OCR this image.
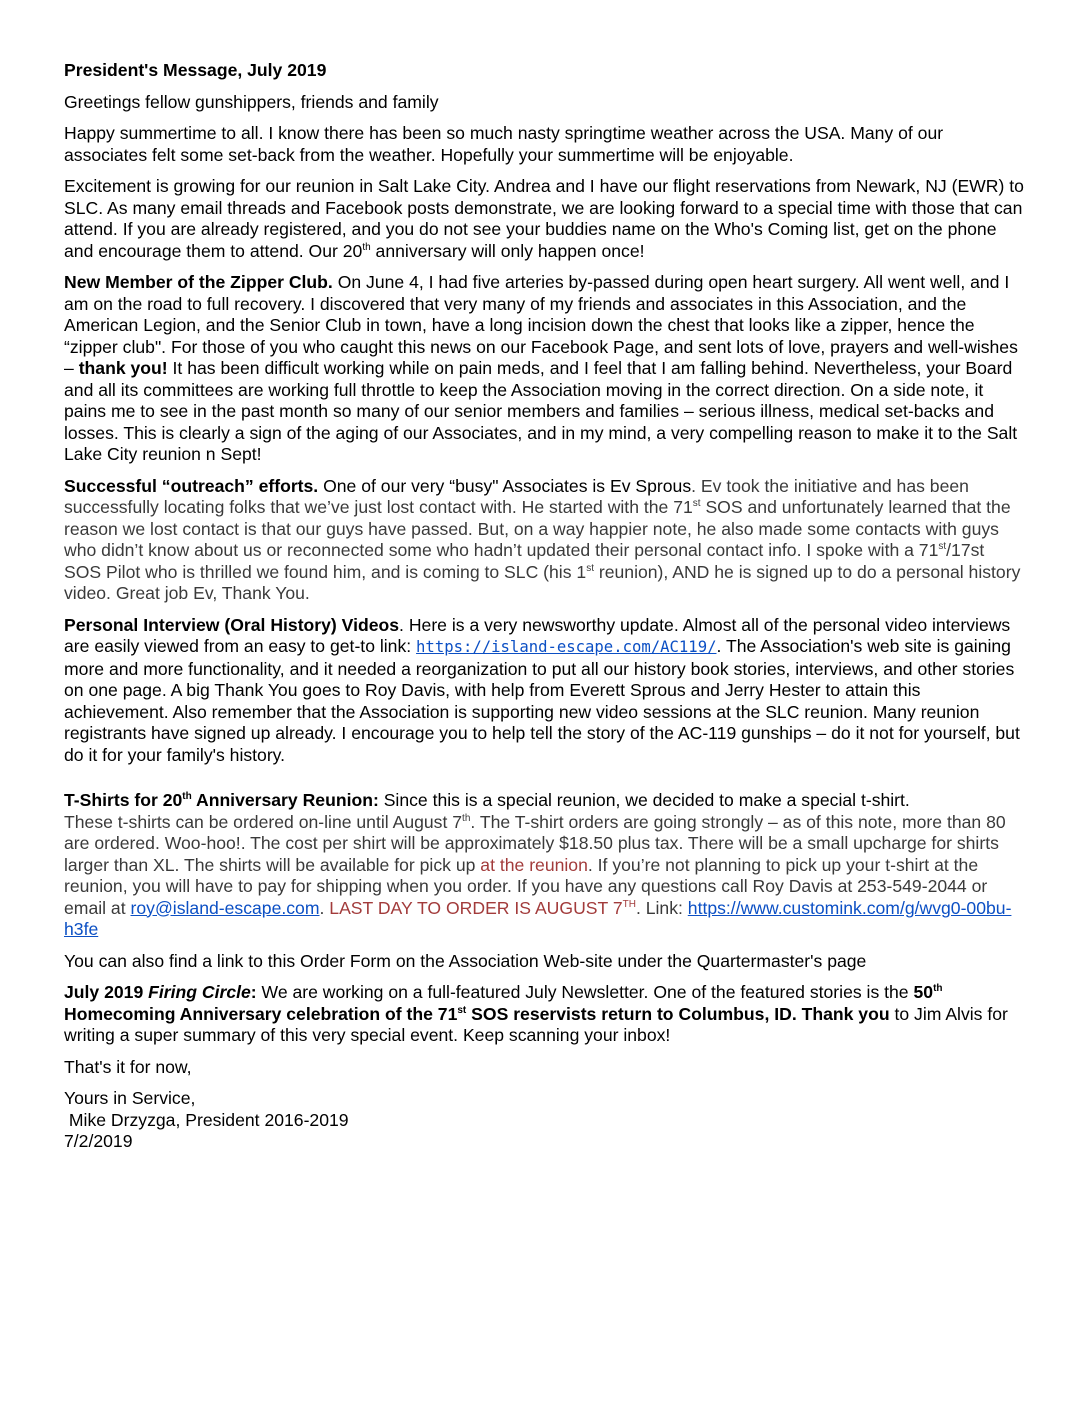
President's Message, July 2019

Greetings fellow gunshippers, friends and family

Happy summertime to all. I know there has been so much nasty springtime weather across the USA. Many of our associates felt some set-back from the weather. Hopefully your summertime will be enjoyable.

Excitement is growing for our reunion in Salt Lake City. Andrea and I have our flight reservations from Newark, NJ (EWR) to SLC. As many email threads and Facebook posts demonstrate, we are looking forward to a special time with those that can attend. If you are already registered, and you do not see your buddies name on the Who's Coming list, get on the phone and encourage them to attend. Our 20th anniversary will only happen once!

New Member of the Zipper Club. On June 4, I had five arteries by-passed during open heart surgery. All went well, and I am on the road to full recovery. I discovered that very many of my friends and associates in this Association, and the American Legion, and the Senior Club in town, have a long incision down the chest that looks like a zipper, hence the “zipper club". For those of you who caught this news on our Facebook Page, and sent lots of love, prayers and well-wishes – thank you! It has been difficult working while on pain meds, and I feel that I am falling behind. Nevertheless, your Board and all its committees are working full throttle to keep the Association moving in the correct direction. On a side note, it pains me to see in the past month so many of our senior members and families – serious illness, medical set-backs and losses. This is clearly a sign of the aging of our Associates, and in my mind, a very compelling reason to make it to the Salt Lake City reunion n Sept!

Successful “outreach” efforts. One of our very “busy" Associates is Ev Sprous. Ev took the initiative and has been successfully locating folks that we’ve just lost contact with. He started with the 71st SOS and unfortunately learned that the reason we lost contact is that our guys have passed. But, on a way happier note, he also made some contacts with guys who didn’t know about us or reconnected some who hadn’t updated their personal contact info. I spoke with a 71st/17st SOS Pilot who is thrilled we found him, and is coming to SLC (his 1st reunion), AND he is signed up to do a personal history video. Great job Ev, Thank You.

Personal Interview (Oral History) Videos. Here is a very newsworthy update. Almost all of the personal video interviews are easily viewed from an easy to get-to link: https://island-escape.com/AC119/. The Association's web site is gaining more and more functionality, and it needed a reorganization to put all our history book stories, interviews, and other stories on one page. A big Thank You goes to Roy Davis, with help from Everett Sprous and Jerry Hester to attain this achievement. Also remember that the Association is supporting new video sessions at the SLC reunion. Many reunion registrants have signed up already. I encourage you to help tell the story of the AC-119 gunships – do it not for yourself, but do it for your family's history.

T-Shirts for 20th Anniversary Reunion: Since this is a special reunion, we decided to make a special t-shirt.
These t-shirts can be ordered on-line until August 7th. The T-shirt orders are going strongly – as of this note, more than 80 are ordered. Woo-hoo!. The cost per shirt will be approximately $18.50 plus tax. There will be a small upcharge for shirts larger than XL. The shirts will be available for pick up at the reunion. If you’re not planning to pick up your t-shirt at the reunion, you will have to pay for shipping when you order. If you have any questions call Roy Davis at 253-549-2044 or email at roy@island-escape.com. LAST DAY TO ORDER IS AUGUST 7TH. Link: https://www.customink.com/g/wvg0-00bu-h3fe

You can also find a link to this Order Form on the Association Web-site under the Quartermaster's page

July 2019 Firing Circle: We are working on a full-featured July Newsletter. One of the featured stories is the 50th Homecoming Anniversary celebration of the 71st SOS reservists return to Columbus, ID. Thank you to Jim Alvis for writing a super summary of this very special event. Keep scanning your inbox!

That's it for now,

Yours in Service,
Mike Drzyzga, President 2016-2019
7/2/2019
